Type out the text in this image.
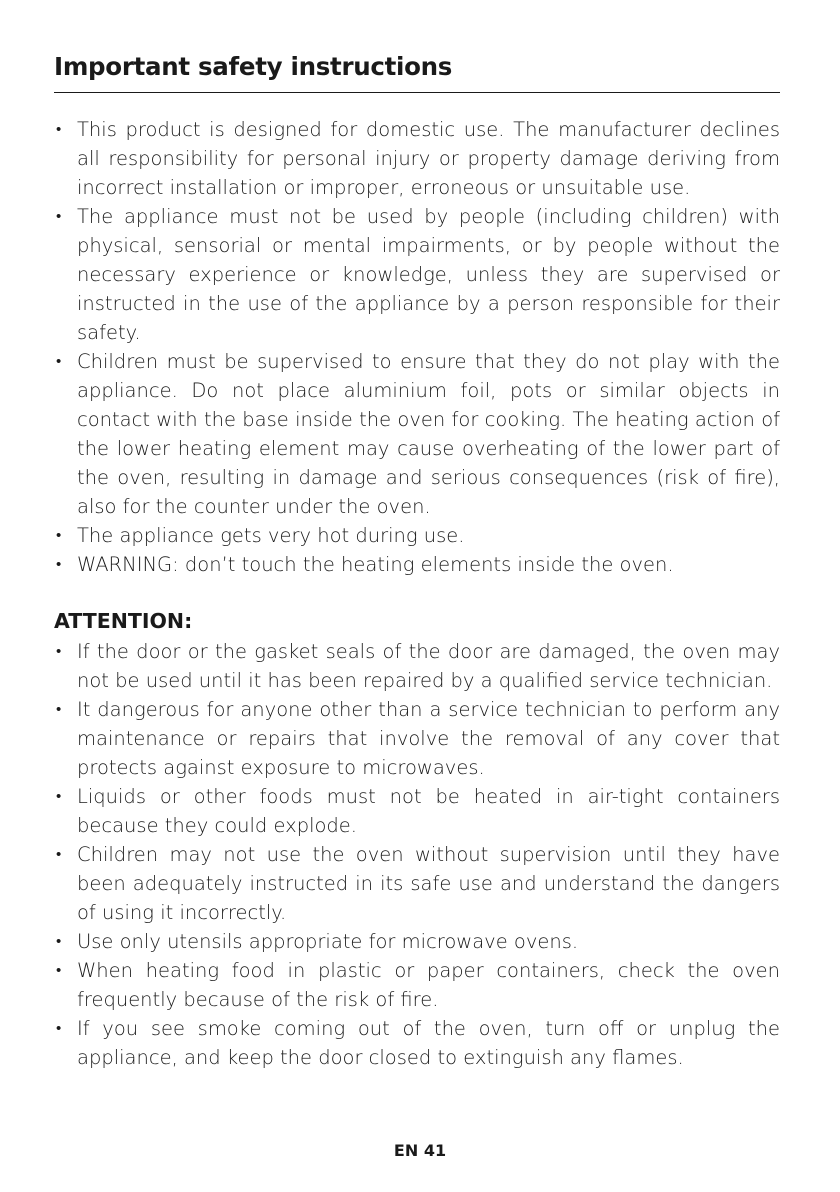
Important safety instructions
• This product is designed for domestic use. The manufacturer declines all responsibility for personal injury or property damage deriving from incorrect installation or improper, erroneous or unsuitable use.
• The appliance must not be used by people (including children) with physical, sensorial or mental impairments, or by people without the necessary experience or knowledge, unless they are supervised or instructed in the use of the appliance by a person responsible for their safety.
• Children must be supervised to ensure that they do not play with the appliance. Do not place aluminium foil, pots or similar objects in contact with the base inside the oven for cooking. The heating action of the lower heating element may cause overheating of the lower part of the oven, resulting in damage and serious consequences (risk of fire), also for the counter under the oven.
• The appliance gets very hot during use.
• WARNING: don’t touch the heating elements inside the oven.
ATTENTION:
• If the door or the gasket seals of the door are damaged, the oven may not be used until it has been repaired by a qualified service technician.
• It dangerous for anyone other than a service technician to perform any maintenance or repairs that involve the removal of any cover that protects against exposure to microwaves.
• Liquids or other foods must not be heated in air-tight containers because they could explode.
• Children may not use the oven without supervision until they have been adequately instructed in its safe use and understand the dangers of using it incorrectly.
• Use only utensils appropriate for microwave ovens.
• When heating food in plastic or paper containers, check the oven frequently because of the risk of fire.
• If you see smoke coming out of the oven, turn off or unplug the appliance, and keep the door closed to extinguish any flames.
EN 41
